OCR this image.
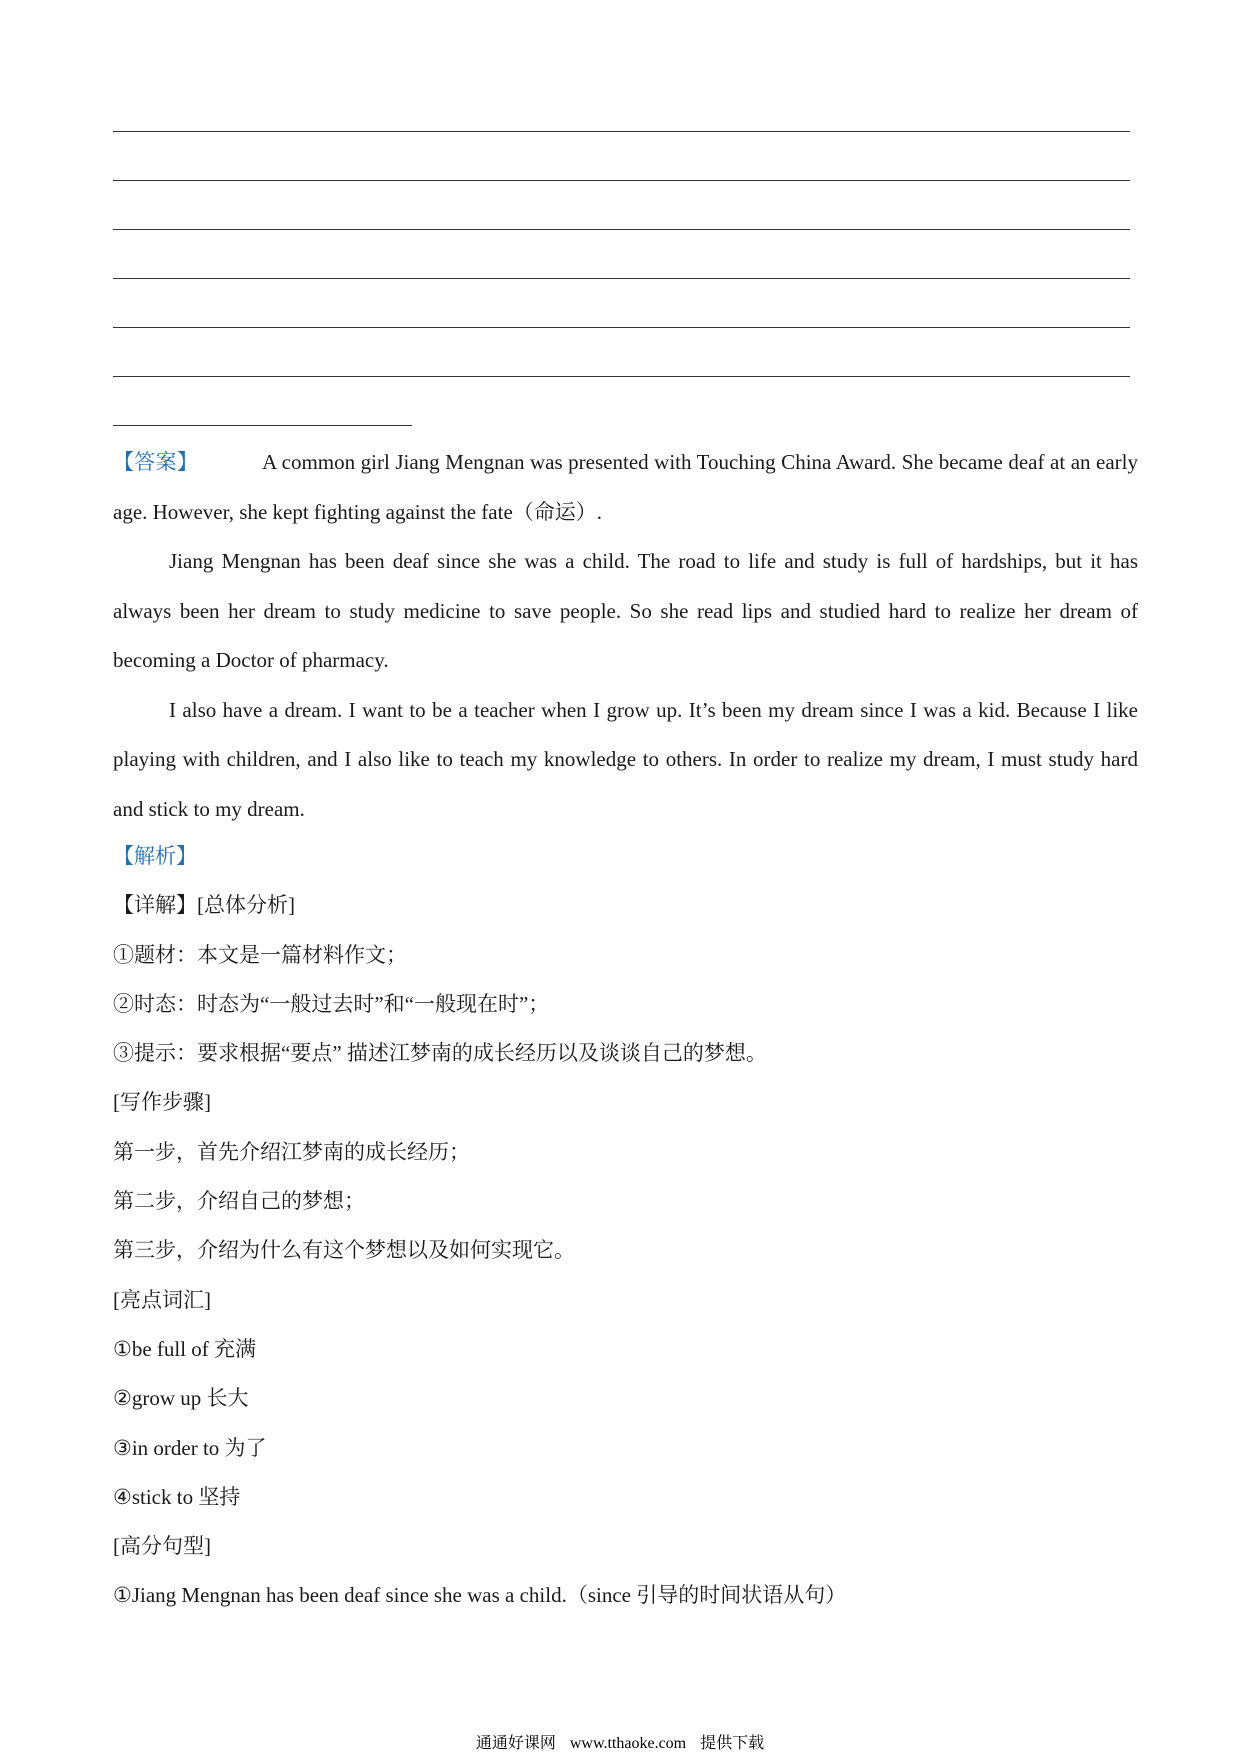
【答案】	A common girl Jiang Mengnan was presented with Touching China Award. She became deaf at an early age. However, she kept fighting against the fate（命运）.

Jiang Mengnan has been deaf since she was a child. The road to life and study is full of hardships, but it has always been her dream to study medicine to save people. So she read lips and studied hard to realize her dream of becoming a Doctor of pharmacy.

I also have a dream. I want to be a teacher when I grow up. It’s been my dream since I was a kid. Because I like playing with children, and I also like to teach my knowledge to others. In order to realize my dream, I must study hard and stick to my dream.

【解析】
【详解】[总体分析]
①题材：本文是一篇材料作文；
②时态：时态为“一般过去时”和“一般现在时”；
③提示：要求根据“要点” 描述江梦南的成长经历以及谈谈自己的梦想。
[写作步骤]
第一步，首先介绍江梦南的成长经历；
第二步，介绍自己的梦想；
第三步，介绍为什么有这个梦想以及如何实现它。
[亮点词汇]
①be full of 充满
②grow up 长大
③in order to 为了
④stick to 坚持
[高分句型]
①Jiang Mengnan has been deaf since she was a child.（since 引导的时间状语从句）
通通好课网 www.tthaoke.com 提供下载
